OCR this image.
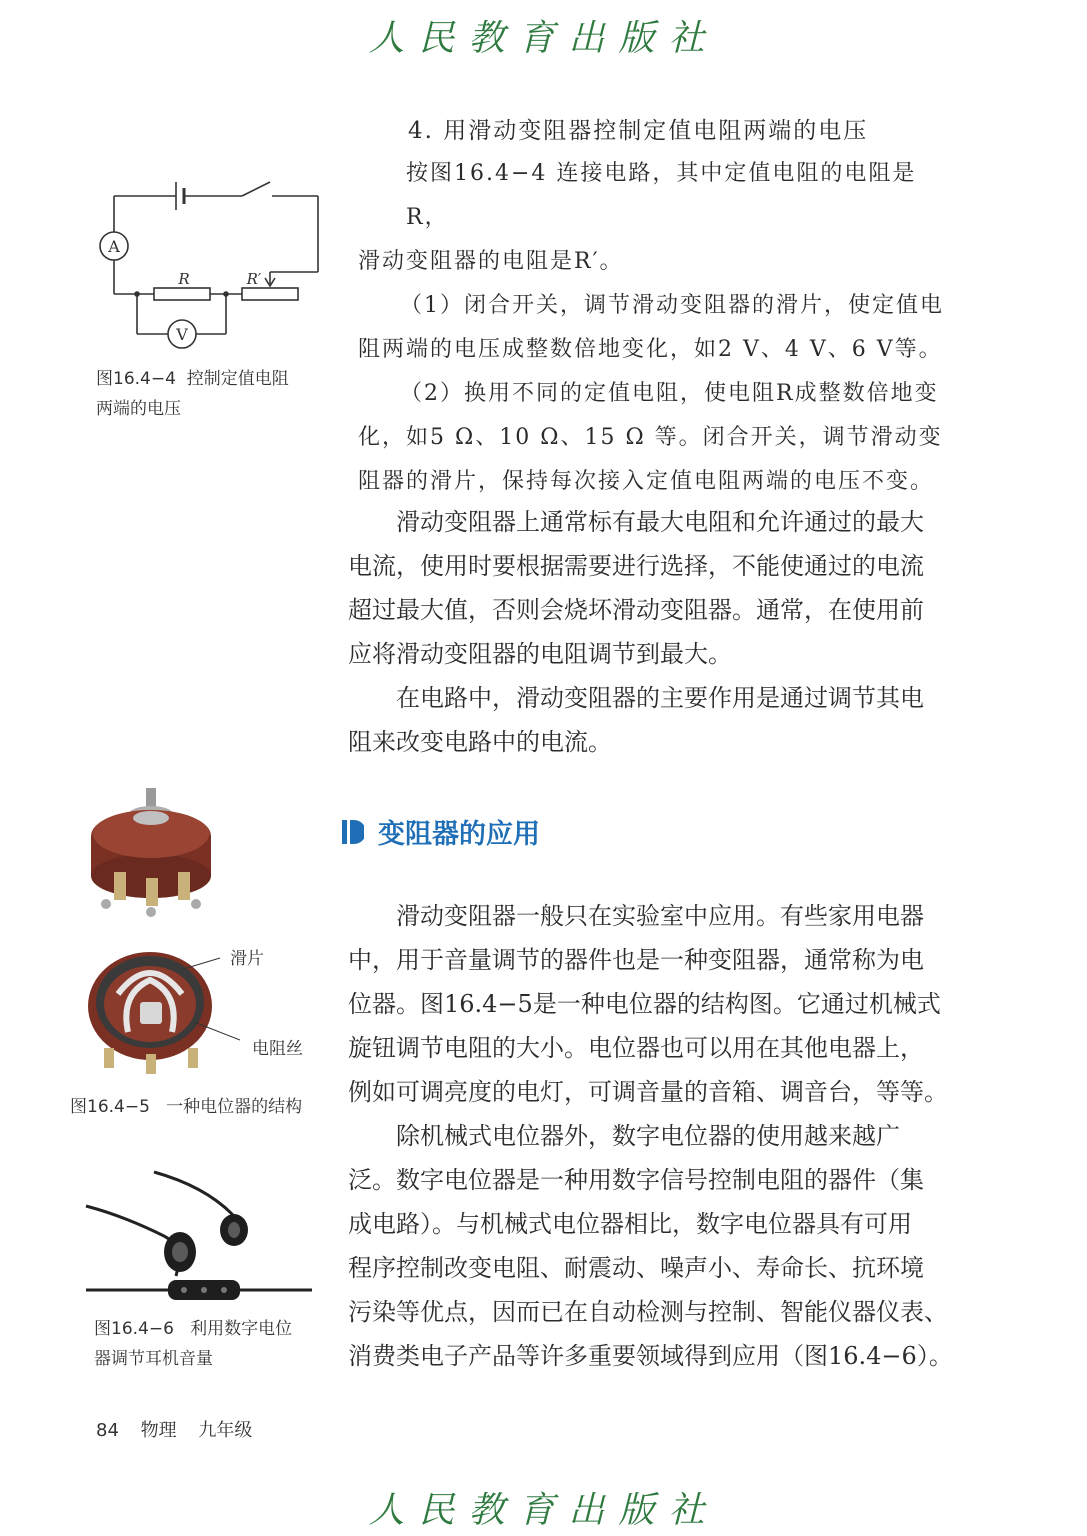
人民教育出版社
A
V
R	R′
图16.4−4 控制定值电阻
两端的电压
4. 用滑动变阻器控制定值电阻两端的电压
按图16.4−4 连接电路，其中定值电阻的电阻是R，
滑动变阻器的电阻是R′。
（1）闭合开关，调节滑动变阻器的滑片，使定值电
阻两端的电压成整数倍地变化，如2 V、4 V、6 V等。
（2）换用不同的定值电阻，使电阻R成整数倍地变
化，如5 Ω、10 Ω、15 Ω 等。闭合开关，调节滑动变
阻器的滑片，保持每次接入定值电阻两端的电压不变。
滑动变阻器上通常标有最大电阻和允许通过的最大
电流，使用时要根据需要进行选择，不能使通过的电流
超过最大值，否则会烧坏滑动变阻器。通常，在使用前
应将滑动变阻器的电阻调节到最大。
在电路中，滑动变阻器的主要作用是通过调节其电
阻来改变电路中的电流。
变阻器的应用
滑片
电阻丝
图16.4−5 一种电位器的结构
图16.4−6 利用数字电位
器调节耳机音量
滑动变阻器一般只在实验室中应用。有些家用电器
中，用于音量调节的器件也是一种变阻器，通常称为电
位器。图16.4−5是一种电位器的结构图。它通过机械式
旋钮调节电阻的大小。电位器也可以用在其他电器上，
例如可调亮度的电灯，可调音量的音箱、调音台，等等。
除机械式电位器外，数字电位器的使用越来越广
泛。数字电位器是一种用数字信号控制电阻的器件（集
成电路）。与机械式电位器相比，数字电位器具有可用
程序控制改变电阻、耐震动、噪声小、寿命长、抗环境
污染等优点，因而已在自动检测与控制、智能仪器仪表、
消费类电子产品等许多重要领域得到应用（图16.4−6）。
84 物理 九年级
人民教育出版社
